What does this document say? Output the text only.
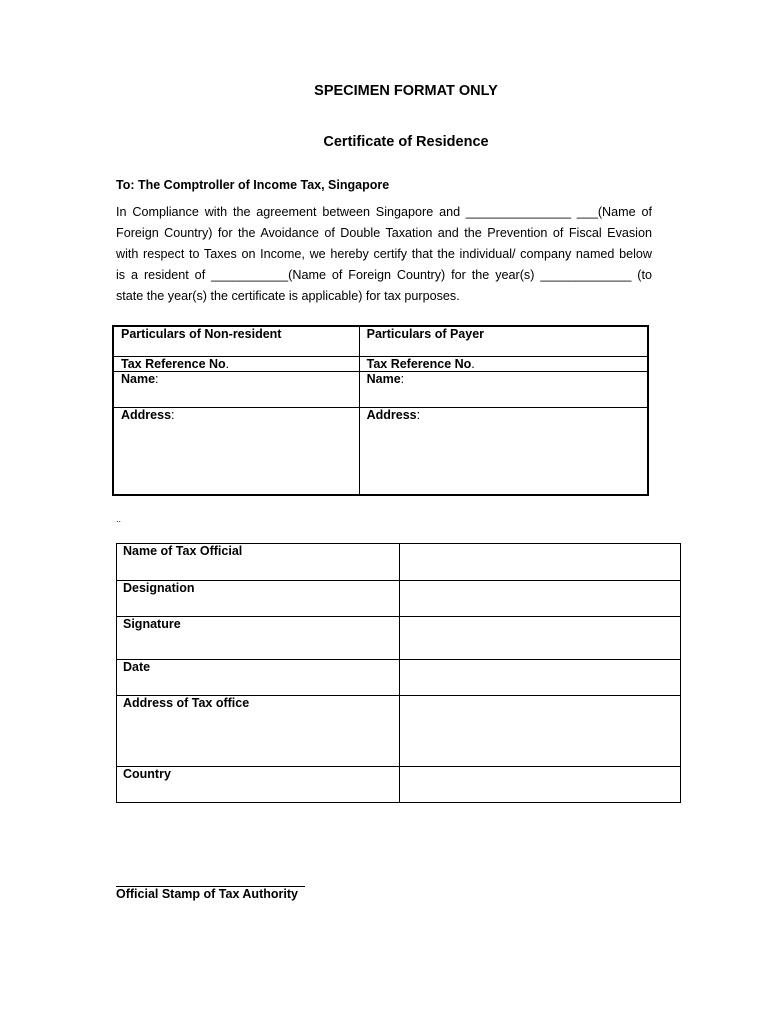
SPECIMEN FORMAT ONLY
Certificate of Residence
To: The Comptroller of Income Tax, Singapore
In Compliance with the agreement between Singapore and _______________ ___(Name of
Foreign Country) for the Avoidance of Double Taxation and the Prevention of Fiscal Evasion
with respect to Taxes on Income, we hereby certify that the individual/ company named below
is a resident of ___________(Name of Foreign Country) for the year(s) _____________ (to
state the year(s) the certificate is applicable) for tax purposes.
Particulars of Non-resident	Particulars of Payer
Tax Reference No.	Tax Reference No.
Name:	Name:
Address:	Address:
..
Name of Tax Official	
Designation	
Signature	
Date	
Address of Tax office	
Country	
Official Stamp of Tax Authority
